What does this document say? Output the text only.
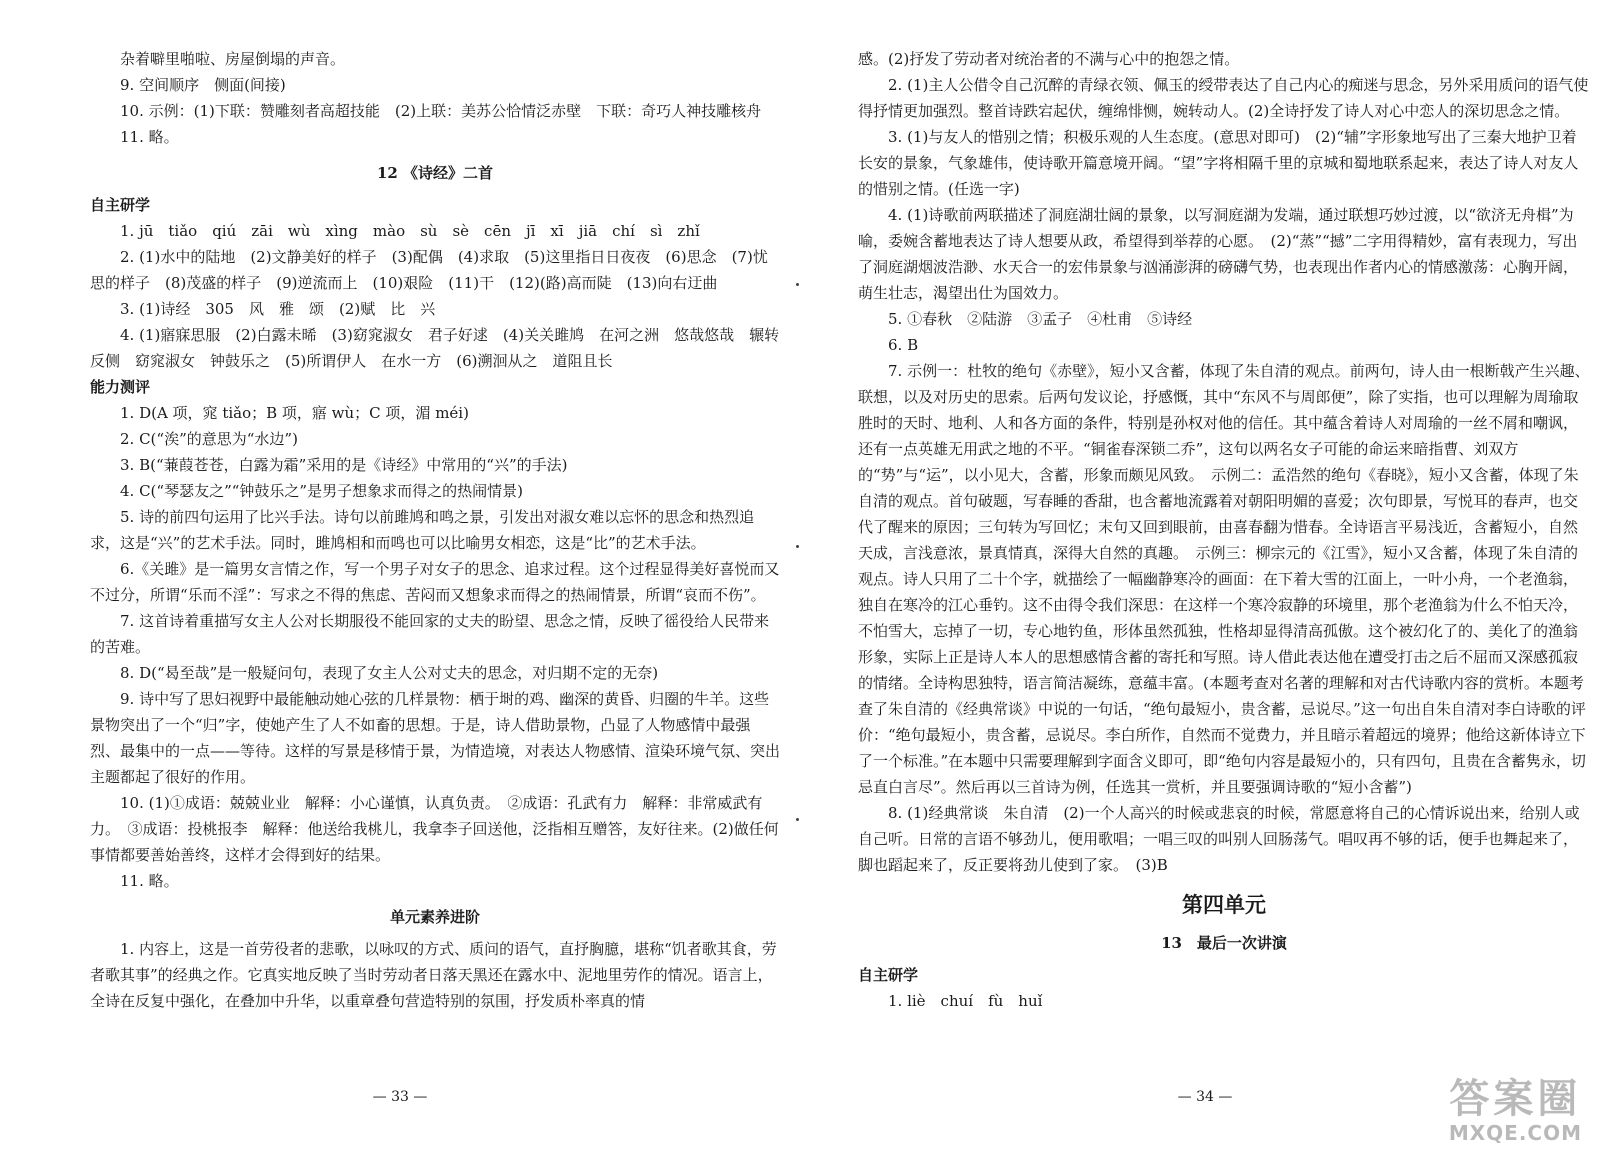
杂着噼里啪啦、房屋倒塌的声音。

9. 空间顺序　侧面(间接)

10. 示例：(1)下联：赞雕刻者高超技能　(2)上联：美苏公恰情泛赤壁　下联：奇巧人神技雕核舟

11. 略。

12 《诗经》二首

自主研学

1. jū　tiǎo　qiú　zāi　wù　xìng　mào　sù　sè　cēn　jī　xī　jiā　chí　sì　zhǐ

2. (1)水中的陆地　(2)文静美好的样子　(3)配偶　(4)求取　(5)这里指日日夜夜　(6)思念　(7)忧思的样子　(8)茂盛的样子　(9)逆流而上　(10)艰险　(11)干　(12)(路)高而陡　(13)向右迂曲

3. (1)诗经　305　风　雅　颂　(2)赋　比　兴

4. (1)寤寐思服　(2)白露未晞　(3)窈窕淑女　君子好逑　(4)关关雎鸠　在河之洲　悠哉悠哉　辗转反侧　窈窕淑女　钟鼓乐之　(5)所谓伊人　在水一方　(6)溯洄从之　道阻且长

能力测评

1. D(A 项，窕 tiǎo；B 项，寤 wù；C 项，湄 méi)

2. C(“涘”的意思为“水边”)

3. B(“蒹葭苍苍，白露为霜”采用的是《诗经》中常用的“兴”的手法)

4. C(“琴瑟友之”“钟鼓乐之”是男子想象求而得之的热闹情景)

5. 诗的前四句运用了比兴手法。诗句以前雎鸠和鸣之景，引发出对淑女难以忘怀的思念和热烈追求，这是“兴”的艺术手法。同时，雎鸠相和而鸣也可以比喻男女相恋，这是“比”的艺术手法。

6.《关雎》是一篇男女言情之作，写一个男子对女子的思念、追求过程。这个过程显得美好喜悦而又不过分，所谓“乐而不淫”：写求之不得的焦虑、苦闷而又想象求而得之的热闹情景，所谓“哀而不伤”。

7. 这首诗着重描写女主人公对长期服役不能回家的丈夫的盼望、思念之情，反映了徭役给人民带来的苦难。

8. D(“曷至哉”是一般疑问句，表现了女主人公对丈夫的思念，对归期不定的无奈)

9. 诗中写了思妇视野中最能触动她心弦的几样景物：栖于埘的鸡、幽深的黄昏、归圈的牛羊。这些景物突出了一个“归”字，使她产生了人不如畜的思想。于是，诗人借助景物，凸显了人物感情中最强烈、最集中的一点——等待。这样的写景是移情于景，为情造境，对表达人物感情、渲染环境气氛、突出主题都起了很好的作用。

10. (1)①成语：兢兢业业　解释：小心谨慎，认真负责。　②成语：孔武有力　解释：非常威武有力。　③成语：投桃报李　解释：他送给我桃儿，我拿李子回送他，泛指相互赠答，友好往来。(2)做任何事情都要善始善终，这样才会得到好的结果。

11. 略。

单元素养进阶

1. 内容上，这是一首劳役者的悲歌，以咏叹的方式、质问的语气，直抒胸臆，堪称“饥者歌其食，劳者歌其事”的经典之作。它真实地反映了当时劳动者日落天黑还在露水中、泥地里劳作的情况。语言上，全诗在反复中强化，在叠加中升华，以重章叠句营造特别的氛围，抒发质朴率真的情

— 33 —

感。(2)抒发了劳动者对统治者的不满与心中的抱怨之情。

2. (1)主人公借令自己沉醉的青绿衣领、佩玉的绶带表达了自己内心的痴迷与思念，另外采用质问的语气使得抒情更加强烈。整首诗跌宕起伏，缠绵悱恻，婉转动人。(2)全诗抒发了诗人对心中恋人的深切思念之情。

3. (1)与友人的惜别之情；积极乐观的人生态度。(意思对即可)　(2)“辅”字形象地写出了三秦大地护卫着长安的景象，气象雄伟，使诗歌开篇意境开阔。“望”字将相隔千里的京城和蜀地联系起来，表达了诗人对友人的惜别之情。(任选一字)

4. (1)诗歌前两联描述了洞庭湖壮阔的景象，以写洞庭湖为发端，通过联想巧妙过渡，以“欲济无舟楫”为喻，委婉含蓄地表达了诗人想要从政，希望得到举荐的心愿。　(2)“蒸”“撼”二字用得精妙，富有表现力，写出了洞庭湖烟波浩渺、水天合一的宏伟景象与汹涌澎湃的磅礴气势，也表现出作者内心的情感激荡：心胸开阔，萌生壮志，渴望出仕为国效力。

5. ①春秋　②陆游　③孟子　④杜甫　⑤诗经

6. B

7. 示例一：杜牧的绝句《赤壁》，短小又含蓄，体现了朱自清的观点。前两句，诗人由一根断戟产生兴趣、联想，以及对历史的思索。后两句发议论，抒感慨，其中“东风不与周郎便”，除了实指，也可以理解为周瑜取胜时的天时、地利、人和各方面的条件，特别是孙权对他的信任。其中蕴含着诗人对周瑜的一丝不屑和嘲讽，还有一点英雄无用武之地的不平。“铜雀春深锁二乔”，这句以两名女子可能的命运来暗指曹、刘双方的“势”与“运”，以小见大，含蓄，形象而颇见风致。　示例二：孟浩然的绝句《春晓》，短小又含蓄，体现了朱自清的观点。首句破题，写春睡的香甜，也含蓄地流露着对朝阳明媚的喜爱；次句即景，写悦耳的春声，也交代了醒来的原因；三句转为写回忆；末句又回到眼前，由喜春翻为惜春。全诗语言平易浅近，含蓄短小，自然天成，言浅意浓，景真情真，深得大自然的真趣。　示例三：柳宗元的《江雪》，短小又含蓄，体现了朱自清的观点。诗人只用了二十个字，就描绘了一幅幽静寒冷的画面：在下着大雪的江面上，一叶小舟，一个老渔翁，独自在寒冷的江心垂钓。这不由得令我们深思：在这样一个寒冷寂静的环境里，那个老渔翁为什么不怕天冷，不怕雪大，忘掉了一切，专心地钓鱼，形体虽然孤独，性格却显得清高孤傲。这个被幻化了的、美化了的渔翁形象，实际上正是诗人本人的思想感情含蓄的寄托和写照。诗人借此表达他在遭受打击之后不屈而又深感孤寂的情绪。全诗构思独特，语言简洁凝练，意蕴丰富。(本题考查对名著的理解和对古代诗歌内容的赏析。本题考查了朱自清的《经典常谈》中说的一句话，“绝句最短小，贵含蓄，忌说尽。”这一句出自朱自清对李白诗歌的评价：“绝句最短小，贵含蓄，忌说尽。李白所作，自然而不觉费力，并且暗示着超远的境界；他给这新体诗立下了一个标准。”在本题中只需要理解到字面含义即可，即“绝句内容是最短小的，只有四句，且贵在含蓄隽永，切忌直白言尽”。然后再以三首诗为例，任选其一赏析，并且要强调诗歌的“短小含蓄”)

8. (1)经典常谈　朱自清　(2)一个人高兴的时候或悲哀的时候，常愿意将自己的心情诉说出来，给别人或自己听。日常的言语不够劲儿，便用歌唱；一唱三叹的叫别人回肠荡气。唱叹再不够的话，便手也舞起来了，脚也蹈起来了，反正要将劲儿使到了家。　(3)B

第四单元
13　最后一次讲演

自主研学

1. liè　chuí　fù　huǐ

— 34 —	答案圈
MXQE.COM
